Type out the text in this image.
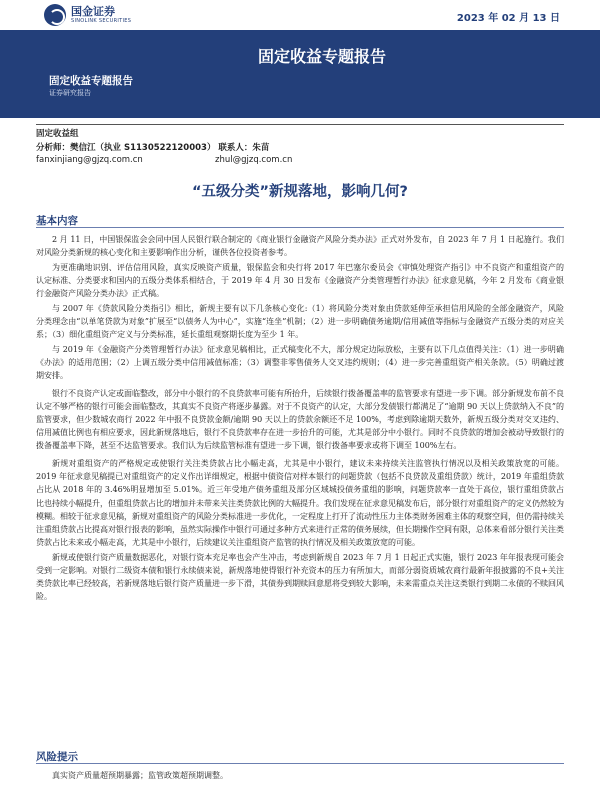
国金证券
SINOLINK SECURITIES	2023 年 02 月 13 日
固定收益专题报告
固定收益专题报告
证券研究报告
固定收益组
分析师：樊信江（执业 S1130522120003） 联系人：朱苗
fanxinjiang@gjzq.com.cn	zhul@gjzq.com.cn
“五级分类”新规落地，影响几何?
基本内容

2 月 11 日，中国银保监会会同中国人民银行联合制定的《商业银行金融资产风险分类办法》正式对外发布，自 2023 年 7 月 1 日起施行。我们对风险分类新规的核心变化和主要影响作出分析，谨供各位投资者参考。

为更准确地识别、评估信用风险，真实反映资产质量，银保监会和央行将 2017 年巴塞尔委员会《审慎处理资产指引》中不良资产和重组资产的认定标准、分类要求和国内的五级分类体系相结合，于 2019 年 4 月 30 日发布《金融资产分类管理暂行办法》征求意见稿，今年 2 月发布《商业银行金融资产风险分类办法》正式稿。

与 2007 年《贷款风险分类指引》相比，新规主要有以下几条核心变化:（1）将风险分类对象由贷款延伸至承担信用风险的全部金融资产，风险分类理念由“以单笔贷款为对象”扩展至“以债务人为中心”，实施“连坐”机制；（2）进一步明确债务逾期/信用减值等指标与金融资产五级分类的对应关系；（3）细化重组资产定义与分类标准，延长重组观察期长度为至少 1 年。

与 2019 年《金融资产分类管理暂行办法》征求意见稿相比，正式稿变化不大，部分规定边际放松，主要有以下几点值得关注：（1）进一步明确《办法》的适用范围；（2）上调五级分类中信用减值标准；（3）调整非零售债务人交叉违约规则；（4）进一步完善重组资产相关条款。（5）明确过渡期安排。

银行不良资产认定或面临整改，部分中小银行的不良贷款率可能有所抬升，后续银行拨备覆盖率的监管要求有望进一步下调。部分新规发布前不良认定不够严格的银行可能会面临整改，其真实不良资产将逐步暴露。对于不良资产的认定，大部分发债银行都满足了“逾期 90 天以上贷款纳入不良”的监管要求，但少数城农商行 2022 年中报不良贷款金额/逾期 90 天以上的贷款余额还不足 100%，考虑到除逾期天数外，新规五级分类对交叉违约、信用减值比例也有相应要求，因此新规落地后，银行不良贷款率存在进一步抬升的可能，尤其是部分中小银行。同时不良贷款的增加会被动导致银行的拨备覆盖率下降，甚至不达监管要求。我们认为后续监管标准有望进一步下调，银行拨备率要求或将下调至 100%左右。

新规对重组资产的严格规定或使银行关注类贷款占比小幅走高，尤其是中小银行，建议未来持续关注监管执行情况以及相关政策放宽的可能。2019 年征求意见稿提已对重组资产的定义作出详细规定，根据中债资信对样本银行的问题贷款（包括不良贷款及重组贷款）统计，2019 年重组贷款占比从 2018 年的 3.46%明显增加至 5.01%。近三年受地产债务重组及部分区域城投债务重组的影响，问题贷款率一直处于高位，银行重组贷款占比也持续小幅提升，但重组贷款占比的增加并未带来关注类贷款比例的大幅提升。我们发现在征求意见稿发布后，部分银行对重组资产的定义仍然较为模糊。相较于征求意见稿，新规对重组资产的风险分类标准进一步优化，一定程度上打开了流动性压力主体类财务困难主体的观察空间，但仍需持续关注重组贷款占比提高对银行报表的影响，虽然实际操作中银行可通过多种方式来进行正常的债务展续，但长期操作空间有限，总体来看部分银行关注类贷款占比未来或小幅走高，尤其是中小银行，后续建议关注重组资产监管的执行情况及相关政策放宽的可能。

新规或使银行资产质量数据恶化，对银行资本充足率也会产生冲击，考虑到新规自 2023 年 7 月 1 日起正式实施，银行 2023 年年报表现可能会受到一定影响。对银行二级资本债和银行永续债来说，新规落地使得银行补充资本的压力有所加大，而部分弱资质城农商行最新年报披露的不良+关注类贷款比率已经较高，若新规落地后银行资产质量进一步下滑，其债券到期赎回意愿将受到较大影响，未来需重点关注这类银行到期二永债的不赎回风险。

风险提示
真实资产质量超预期暴露；监管政策超预期调整。
